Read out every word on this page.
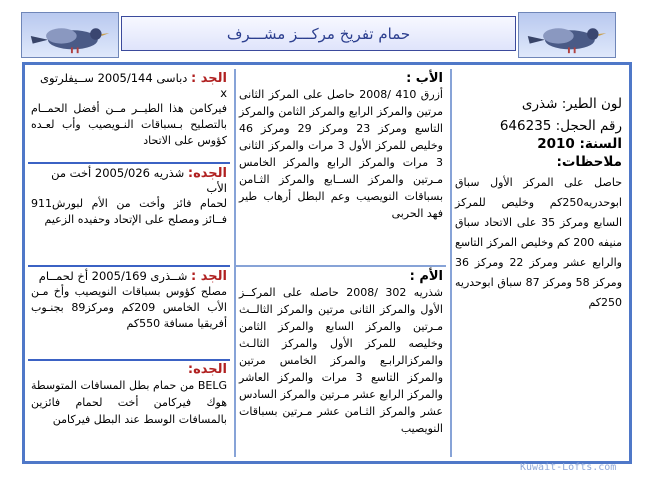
حمام تفريخ مركـــز مشـــرف
لون الطير: شذرى
رقم الحجل: 646235
السنة: 2010
ملاحظات:
حاصل على المركز الأول سباق ابوحدريه250كم وخليص للمركز السابع ومركز 35 على الاتحاد سباق منيفه 200 كم وخليص المركز التاسع والرابع عشر ومركز 22 ومركز 36 ومركز 58 ومركز 87 سباق ابوحدريه 250كم
الأب :
أزرق 410 /2008 حاصل على المركز الثانى مرتين والمركز الرابع والمركز الثامن والمركز التاسع ومركز 23 ومركز 29 ومركز 46 وخليص للمركز الأول 3 مرات والمركز الثانى 3 مرات والمركز الرابع والمركز الخامس مـرتين والمركز الســابع والمركز الثـامن بسباقات النويصيب وعم البطل أرهاب طير فهد الحربى
الأم :
شذريه 302 /2008 حاصله على المركــز الأول والمركز الثانى مرتين والمركز الثالــث مـرتين والمركز السابع والمركز الثامن وخليصه للمركز الأول والمركز الثالـث والمركزالرابـع والمركز الخامس مرتين والمركز التاسع 3 مرات والمركز العاشر والمركز الرابع عشر مـرتين والمركز السادس عشر والمركز الثـامن عشر مـرتين بسباقات النويصيب
الجد : دباسى 2005/144 ســيفلرتوى x
فيركامن هذا الطيــر مــن أفضل الحمــام بالتصليح بـسباقات النـويصيب وأب لعـده كؤوس على الاتحاد
الجده: شذريه 2005/026 أخت من الأب
لحمام فائز وأخت من الأم لبورش911 فــائز ومصلح على الإتحاد وحفيده الزعيم
الجد : شــذرى 2005/169 أخ لحمــام
مصلح كؤوس بسباقات النويصيب وأخ مـن الأب الخامس 209كم ومركز89 بجنـوب أفريقيا مسافة 550كم
الجده:
BELG من حمام بطل المسافات المتوسطة هوك فيركامن أخت لحمام فائزين بالمسافات الوسط عند البطل فيركامن
Kuwait-Lofts.com
